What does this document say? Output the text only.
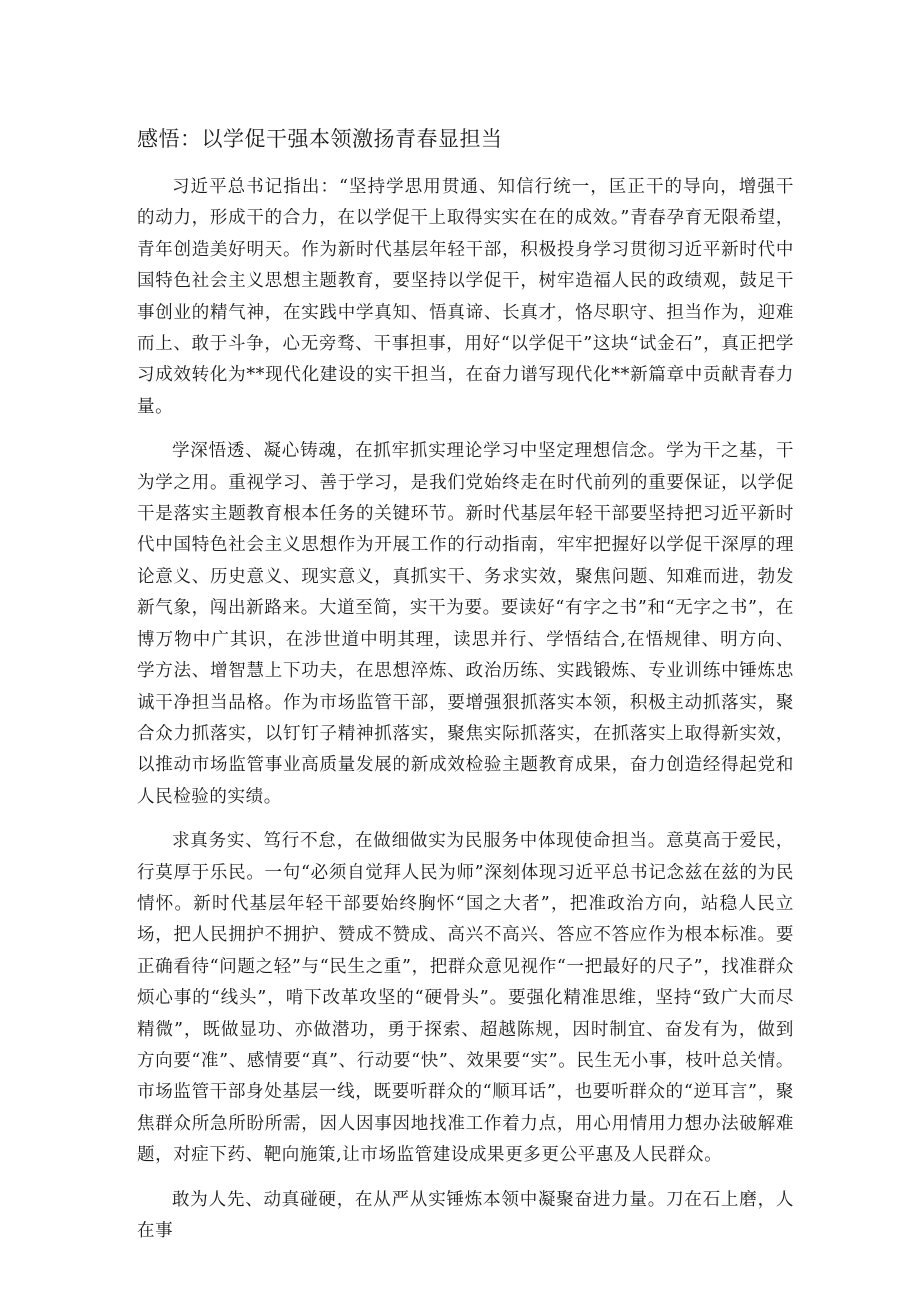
感悟：以学促干强本领激扬青春显担当

习近平总书记指出：“坚持学思用贯通、知信行统一，匡正干的导向，增强干的动力，形成干的合力，在以学促干上取得实实在在的成效。”青春孕育无限希望，青年创造美好明天。作为新时代基层年轻干部，积极投身学习贯彻习近平新时代中国特色社会主义思想主题教育，要坚持以学促干，树牢造福人民的政绩观，鼓足干事创业的精气神，在实践中学真知、悟真谛、长真才，恪尽职守、担当作为，迎难而上、敢于斗争，心无旁骛、干事担事，用好“以学促干”这块“试金石”，真正把学习成效转化为**现代化建设的实干担当，在奋力谱写现代化**新篇章中贡献青春力量。

学深悟透、凝心铸魂，在抓牢抓实理论学习中坚定理想信念。学为干之基，干为学之用。重视学习、善于学习，是我们党始终走在时代前列的重要保证，以学促干是落实主题教育根本任务的关键环节。新时代基层年轻干部要坚持把习近平新时代中国特色社会主义思想作为开展工作的行动指南，牢牢把握好以学促干深厚的理论意义、历史意义、现实意义，真抓实干、务求实效，聚焦问题、知难而进，勃发新气象，闯出新路来。大道至简，实干为要。要读好“有字之书”和“无字之书”，在博万物中广其识，在涉世道中明其理，读思并行、学悟结合,在悟规律、明方向、学方法、增智慧上下功夫，在思想淬炼、政治历练、实践锻炼、专业训练中锤炼忠诚干净担当品格。作为市场监管干部，要增强狠抓落实本领，积极主动抓落实，聚合众力抓落实，以钉钉子精神抓落实，聚焦实际抓落实，在抓落实上取得新实效，以推动市场监管事业高质量发展的新成效检验主题教育成果，奋力创造经得起党和人民检验的实绩。

求真务实、笃行不怠，在做细做实为民服务中体现使命担当。意莫高于爱民，行莫厚于乐民。一句“必须自觉拜人民为师”深刻体现习近平总书记念兹在兹的为民情怀。新时代基层年轻干部要始终胸怀“国之大者”，把准政治方向，站稳人民立场，把人民拥护不拥护、赞成不赞成、高兴不高兴、答应不答应作为根本标准。要正确看待“问题之轻”与“民生之重”，把群众意见视作“一把最好的尺子”，找准群众烦心事的“线头”，啃下改革攻坚的“硬骨头”。要强化精准思维，坚持“致广大而尽精微”，既做显功、亦做潜功，勇于探索、超越陈规，因时制宜、奋发有为，做到方向要“准”、感情要“真”、行动要“快”、效果要“实”。民生无小事，枝叶总关情。市场监管干部身处基层一线，既要听群众的“顺耳话”，也要听群众的“逆耳言”，聚焦群众所急所盼所需，因人因事因地找准工作着力点，用心用情用力想办法破解难题，对症下药、靶向施策,让市场监管建设成果更多更公平惠及人民群众。

敢为人先、动真碰硬，在从严从实锤炼本领中凝聚奋进力量。刀在石上磨，人在事
